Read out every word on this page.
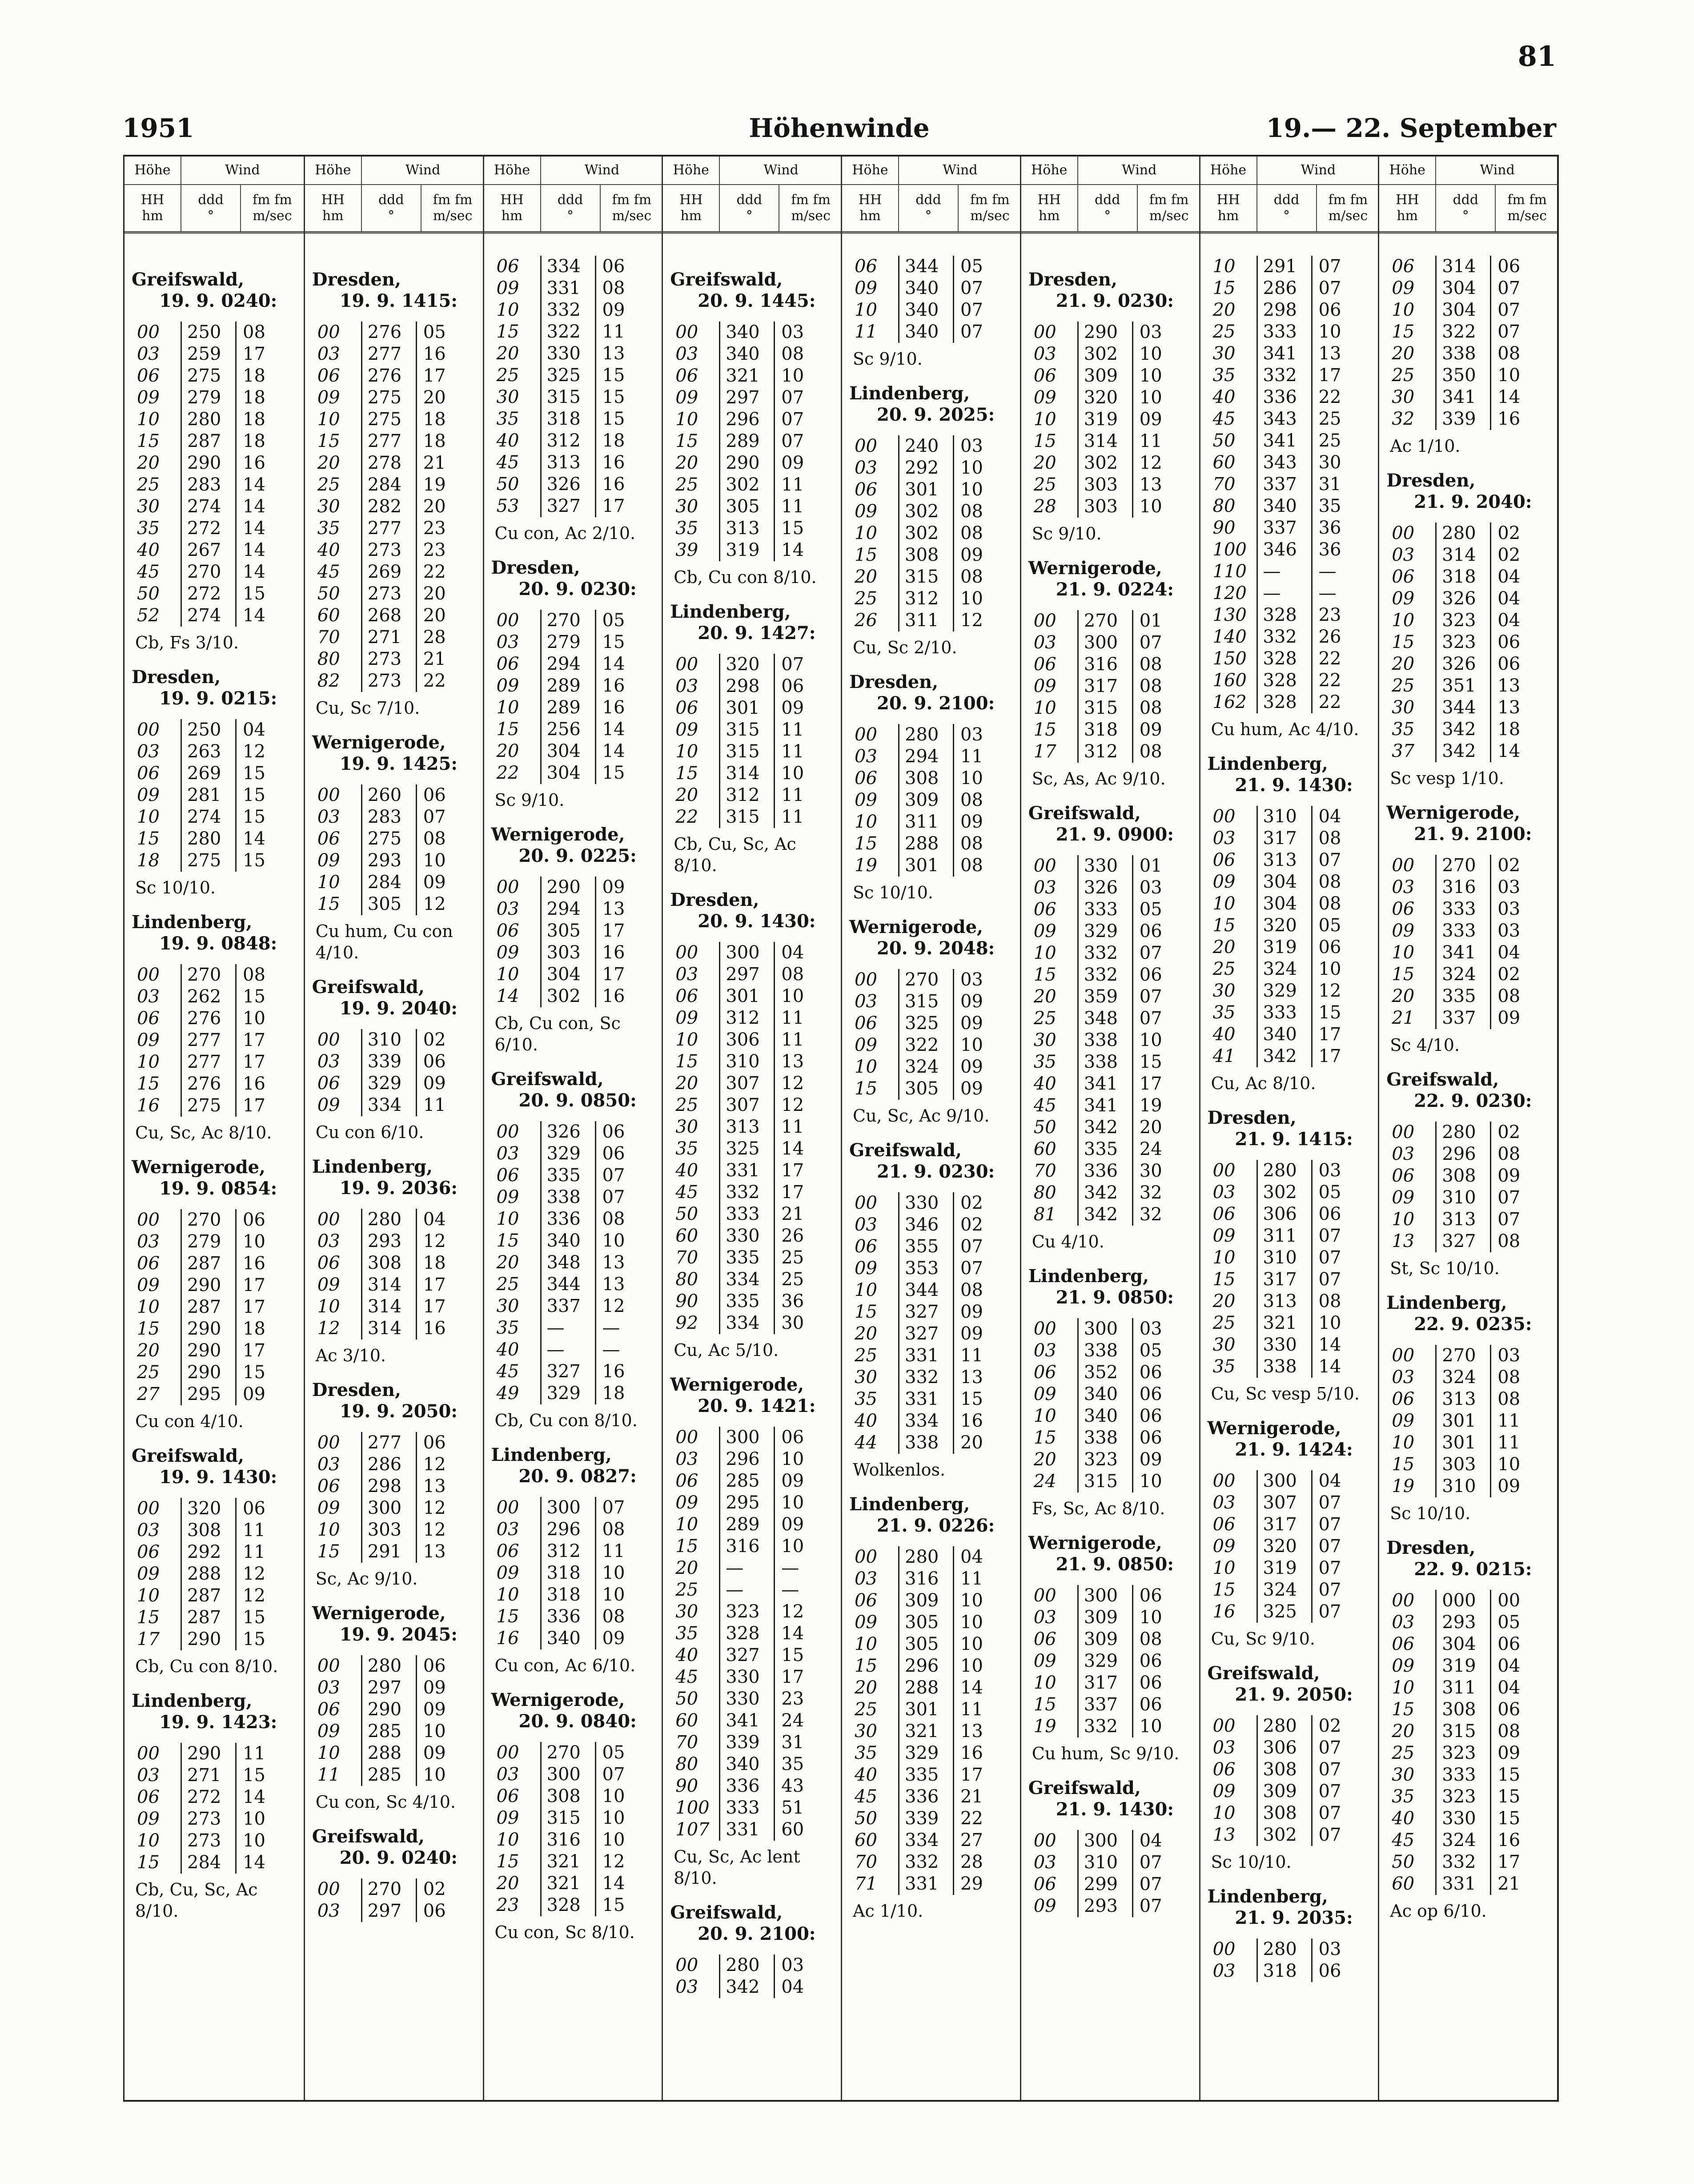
81
1951	Höhenwinde	19.— 22. September
Höhe	Wind
HH
hm
ddd
°
fm fm
m/sec
Greifswald,
19. 9. 0240:
00	250	08
03	259	17
06	275	18
09	279	18
10	280	18
15	287	18
20	290	16
25	283	14
30	274	14
35	272	14
40	267	14
45	270	14
50	272	15
52	274	14
Cb, Fs 3/10.
Dresden,
19. 9. 0215:
00	250	04
03	263	12
06	269	15
09	281	15
10	274	15
15	280	14
18	275	15
Sc 10/10.
Lindenberg,
19. 9. 0848:
00	270	08
03	262	15
06	276	10
09	277	17
10	277	17
15	276	16
16	275	17
Cu, Sc, Ac 8/10.
Wernigerode,
19. 9. 0854:
00	270	06
03	279	10
06	287	16
09	290	17
10	287	17
15	290	18
20	290	17
25	290	15
27	295	09
Cu con 4/10.
Greifswald,
19. 9. 1430:
00	320	06
03	308	11
06	292	11
09	288	12
10	287	12
15	287	15
17	290	15
Cb, Cu con 8/10.
Lindenberg,
19. 9. 1423:
00	290	11
03	271	15
06	272	14
09	273	10
10	273	10
15	284	14
Cb, Cu, Sc, Ac
8/10.
Höhe	Wind
HH
hm
ddd
°
fm fm
m/sec
Dresden,
19. 9. 1415:
00	276	05
03	277	16
06	276	17
09	275	20
10	275	18
15	277	18
20	278	21
25	284	19
30	282	20
35	277	23
40	273	23
45	269	22
50	273	20
60	268	20
70	271	28
80	273	21
82	273	22
Cu, Sc 7/10.
Wernigerode,
19. 9. 1425:
00	260	06
03	283	07
06	275	08
09	293	10
10	284	09
15	305	12
Cu hum, Cu con
4/10.
Greifswald,
19. 9. 2040:
00	310	02
03	339	06
06	329	09
09	334	11
Cu con 6/10.
Lindenberg,
19. 9. 2036:
00	280	04
03	293	12
06	308	18
09	314	17
10	314	17
12	314	16
Ac 3/10.
Dresden,
19. 9. 2050:
00	277	06
03	286	12
06	298	13
09	300	12
10	303	12
15	291	13
Sc, Ac 9/10.
Wernigerode,
19. 9. 2045:
00	280	06
03	297	09
06	290	09
09	285	10
10	288	09
11	285	10
Cu con, Sc 4/10.
Greifswald,
20. 9. 0240:
00	270	02
03	297	06
Höhe	Wind
HH
hm
ddd
°
fm fm
m/sec
06	334	06
09	331	08
10	332	09
15	322	11
20	330	13
25	325	15
30	315	15
35	318	15
40	312	18
45	313	16
50	326	16
53	327	17
Cu con, Ac 2/10.
Dresden,
20. 9. 0230:
00	270	05
03	279	15
06	294	14
09	289	16
10	289	16
15	256	14
20	304	14
22	304	15
Sc 9/10.
Wernigerode,
20. 9. 0225:
00	290	09
03	294	13
06	305	17
09	303	16
10	304	17
14	302	16
Cb, Cu con, Sc
6/10.
Greifswald,
20. 9. 0850:
00	326	06
03	329	06
06	335	07
09	338	07
10	336	08
15	340	10
20	348	13
25	344	13
30	337	12
35	—	—
40	—	—
45	327	16
49	329	18
Cb, Cu con 8/10.
Lindenberg,
20. 9. 0827:
00	300	07
03	296	08
06	312	11
09	318	10
10	318	10
15	336	08
16	340	09
Cu con, Ac 6/10.
Wernigerode,
20. 9. 0840:
00	270	05
03	300	07
06	308	10
09	315	10
10	316	10
15	321	12
20	321	14
23	328	15
Cu con, Sc 8/10.
Höhe	Wind
HH
hm
ddd
°
fm fm
m/sec
Greifswald,
20. 9. 1445:
00	340	03
03	340	08
06	321	10
09	297	07
10	296	07
15	289	07
20	290	09
25	302	11
30	305	11
35	313	15
39	319	14
Cb, Cu con 8/10.
Lindenberg,
20. 9. 1427:
00	320	07
03	298	06
06	301	09
09	315	11
10	315	11
15	314	10
20	312	11
22	315	11
Cb, Cu, Sc, Ac
8/10.
Dresden,
20. 9. 1430:
00	300	04
03	297	08
06	301	10
09	312	11
10	306	11
15	310	13
20	307	12
25	307	12
30	313	11
35	325	14
40	331	17
45	332	17
50	333	21
60	330	26
70	335	25
80	334	25
90	335	36
92	334	30
Cu, Ac 5/10.
Wernigerode,
20. 9. 1421:
00	300	06
03	296	10
06	285	09
09	295	10
10	289	09
15	316	10
20	—	—
25	—	—
30	323	12
35	328	14
40	327	15
45	330	17
50	330	23
60	341	24
70	339	31
80	340	35
90	336	43
100 333	51
107 331	60
Cu, Sc, Ac lent
8/10.
Greifswald,
20. 9. 2100:
00	280	03
03	342	04
Höhe	Wind
HH
hm
ddd
°
fm fm
m/sec
06	344	05
09	340	07
10	340	07
11	340	07
Sc 9/10.
Lindenberg,
20. 9. 2025:
00	240	03
03	292	10
06	301	10
09	302	08
10	302	08
15	308	09
20	315	08
25	312	10
26	311	12
Cu, Sc 2/10.
Dresden,
20. 9. 2100:
00	280	03
03	294	11
06	308	10
09	309	08
10	311	09
15	288	08
19	301	08
Sc 10/10.
Wernigerode,
20. 9. 2048:
00	270	03
03	315	09
06	325	09
09	322	10
10	324	09
15	305	09
Cu, Sc, Ac 9/10.
Greifswald,
21. 9. 0230:
00	330	02
03	346	02
06	355	07
09	353	07
10	344	08
15	327	09
20	327	09
25	331	11
30	332	13
35	331	15
40	334	16
44	338	20
Wolkenlos.
Lindenberg,
21. 9. 0226:
00	280	04
03	316	11
06	309	10
09	305	10
10	305	10
15	296	10
20	288	14
25	301	11
30	321	13
35	329	16
40	335	17
45	336	21
50	339	22
60	334	27
70	332	28
71	331	29
Ac 1/10.
Höhe	Wind
HH
hm
ddd
°
fm fm
m/sec
Dresden,
21. 9. 0230:
00	290	03
03	302	10
06	309	10
09	320	10
10	319	09
15	314	11
20	302	12
25	303	13
28	303	10
Sc 9/10.
Wernigerode,
21. 9. 0224:
00	270	01
03	300	07
06	316	08
09	317	08
10	315	08
15	318	09
17	312	08
Sc, As, Ac 9/10.
Greifswald,
21. 9. 0900:
00	330	01
03	326	03
06	333	05
09	329	06
10	332	07
15	332	06
20	359	07
25	348	07
30	338	10
35	338	15
40	341	17
45	341	19
50	342	20
60	335	24
70	336	30
80	342	32
81	342	32
Cu 4/10.
Lindenberg,
21. 9. 0850:
00	300	03
03	338	05
06	352	06
09	340	06
10	340	06
15	338	06
20	323	09
24	315	10
Fs, Sc, Ac 8/10.
Wernigerode,
21. 9. 0850:
00	300	06
03	309	10
06	309	08
09	329	06
10	317	06
15	337	06
19	332	10
Cu hum, Sc 9/10.
Greifswald,
21. 9. 1430:
00	300	04
03	310	07
06	299	07
09	293	07
Höhe	Wind
HH
hm
ddd
°
fm fm
m/sec
10	291	07
15	286	07
20	298	06
25	333	10
30	341	13
35	332	17
40	336	22
45	343	25
50	341	25
60	343	30
70	337	31
80	340	35
90	337	36
100 346	36
110 —	—
120 —	—
130 328	23
140 332	26
150 328	22
160 328	22
162 328	22
Cu hum, Ac 4/10.
Lindenberg,
21. 9. 1430:
00	310	04
03	317	08
06	313	07
09	304	08
10	304	08
15	320	05
20	319	06
25	324	10
30	329	12
35	333	15
40	340	17
41	342	17
Cu, Ac 8/10.
Dresden,
21. 9. 1415:
00	280	03
03	302	05
06	306	06
09	311	07
10	310	07
15	317	07
20	313	08
25	321	10
30	330	14
35	338	14
Cu, Sc vesp 5/10.
Wernigerode,
21. 9. 1424:
00	300	04
03	307	07
06	317	07
09	320	07
10	319	07
15	324	07
16	325	07
Cu, Sc 9/10.
Greifswald,
21. 9. 2050:
00	280	02
03	306	07
06	308	07
09	309	07
10	308	07
13	302	07
Sc 10/10.
Lindenberg,
21. 9. 2035:
00	280	03
03	318	06
Höhe	Wind
HH
hm
ddd
°
fm fm
m/sec
06	314	06
09	304	07
10	304	07
15	322	07
20	338	08
25	350	10
30	341	14
32	339	16
Ac 1/10.
Dresden,
21. 9. 2040:
00	280	02
03	314	02
06	318	04
09	326	04
10	323	04
15	323	06
20	326	06
25	351	13
30	344	13
35	342	18
37	342	14
Sc vesp 1/10.
Wernigerode,
21. 9. 2100:
00	270	02
03	316	03
06	333	03
09	333	03
10	341	04
15	324	02
20	335	08
21	337	09
Sc 4/10.
Greifswald,
22. 9. 0230:
00	280	02
03	296	08
06	308	09
09	310	07
10	313	07
13	327	08
St, Sc 10/10.
Lindenberg,
22. 9. 0235:
00	270	03
03	324	08
06	313	08
09	301	11
10	301	11
15	303	10
19	310	09
Sc 10/10.
Dresden,
22. 9. 0215:
00	000	00
03	293	05
06	304	06
09	319	04
10	311	04
15	308	06
20	315	08
25	323	09
30	333	15
35	323	15
40	330	15
45	324	16
50	332	17
60	331	21
Ac op 6/10.
